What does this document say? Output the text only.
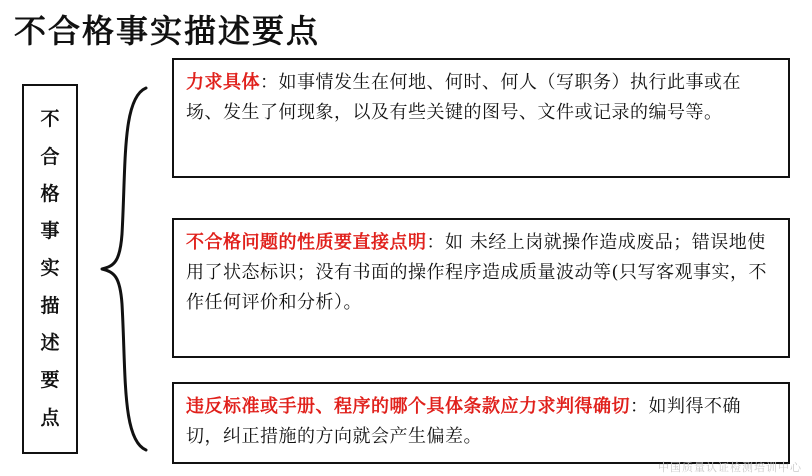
不合格事实描述要点
不
合
格
事
实
描
述
要
点
力求具体：如事情发生在何地、何时、何人（写职务）执行此事或在场、发生了何现象，以及有些关键的图号、文件或记录的编号等。
不合格问题的性质要直接点明：如 未经上岗就操作造成废品；错误地使用了状态标识；没有书面的操作程序造成质量波动等(只写客观事实，不作任何评价和分析）。
违反标准或手册、程序的哪个具体条款应力求判得确切：如判得不确切，纠正措施的方向就会产生偏差。
中国质量认证检测培训中心
